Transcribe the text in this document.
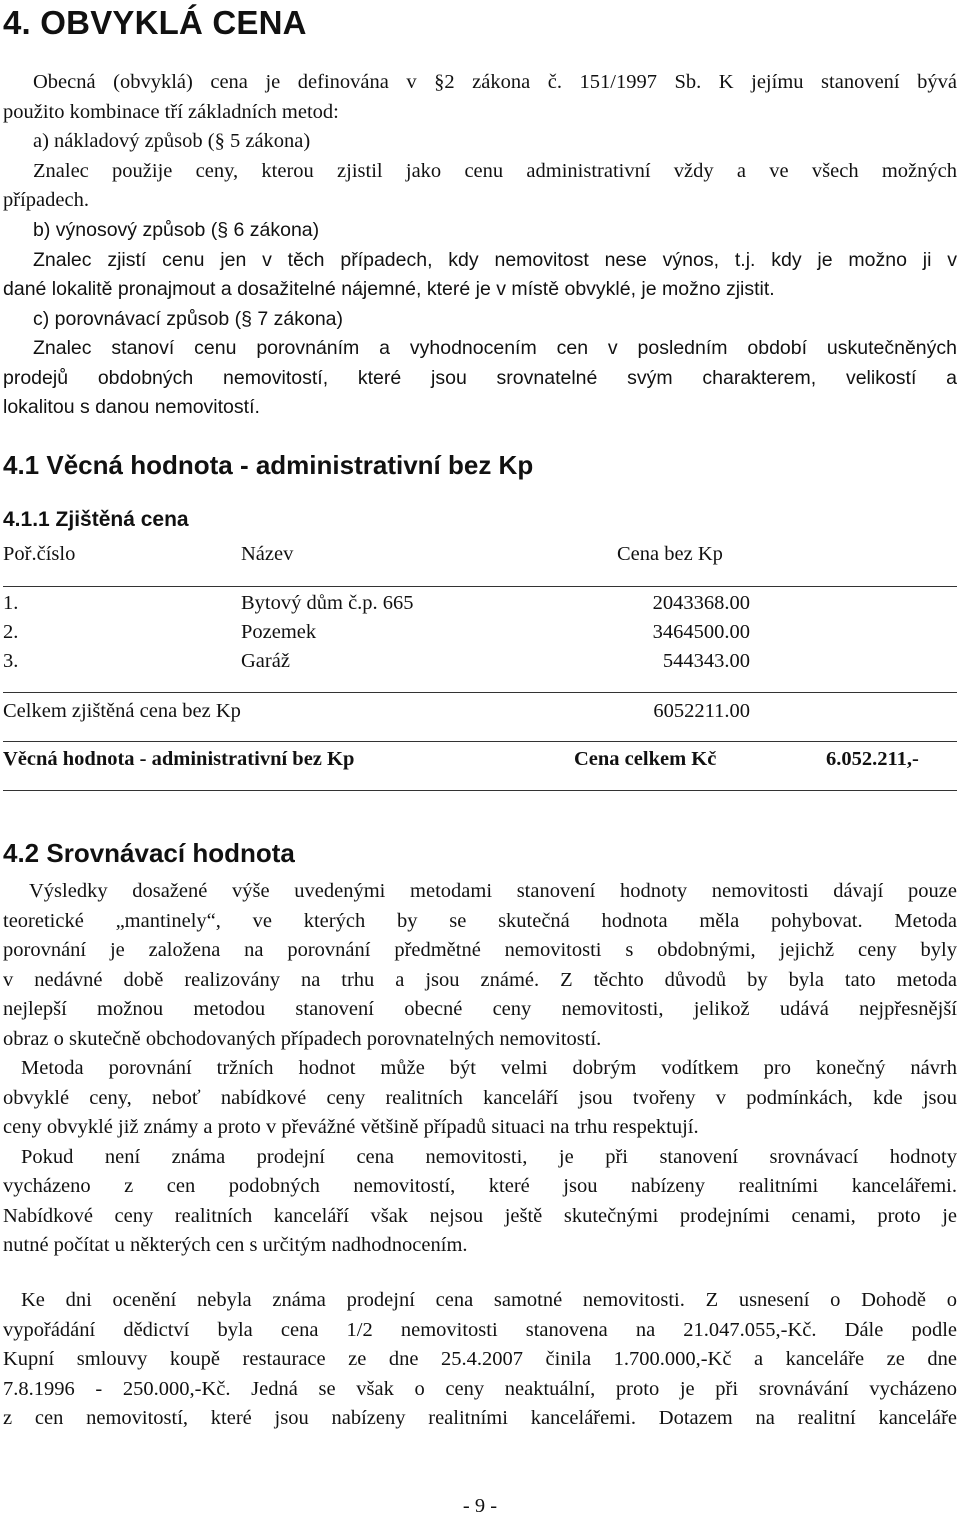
4. OBVYKLÁ CENA
Obecná (obvyklá) cena je definována v §2 zákona č. 151/1997 Sb. K jejímu stanovení bývá
použito kombinace tří základních metod:
a) nákladový způsob (§ 5 zákona)
Znalec použije ceny, kterou zjistil jako cenu administrativní vždy a ve všech možných
případech.
b) výnosový způsob (§ 6 zákona)
Znalec zjistí cenu jen v těch případech, kdy nemovitost nese výnos, t.j. kdy je možno ji v
dané lokalitě pronajmout a dosažitelné nájemné, které je v místě obvyklé, je možno zjistit.
c) porovnávací způsob (§ 7 zákona)
Znalec stanoví cenu porovnáním a vyhodnocením cen v posledním období uskutečněných
prodejů obdobných nemovitostí, které jsou srovnatelné svým charakterem, velikostí a
lokalitou s danou nemovitostí.
4.1 Věcná hodnota - administrativní bez Kp
4.1.1 Zjištěná cena
Poř.číslo	Název	Cena bez Kp
1.	Bytový dům č.p. 665	2043368.00
2.	Pozemek	3464500.00
3.	Garáž	544343.00
Celkem zjištěná cena bez Kp	6052211.00
Věcná hodnota - administrativní bez Kp	Cena celkem Kč	6.052.211,-
4.2 Srovnávací hodnota
Výsledky dosažené výše uvedenými metodami stanovení hodnoty nemovitosti dávají pouze
teoretické „mantinely“, ve kterých by se skutečná hodnota měla pohybovat. Metoda
porovnání je založena na porovnání předmětné nemovitosti s obdobnými, jejichž ceny byly
v nedávné době realizovány na trhu a jsou známé. Z těchto důvodů by byla tato metoda
nejlepší možnou metodou stanovení obecné ceny nemovitosti, jelikož udává nejpřesnější
obraz o skutečně obchodovaných případech porovnatelných nemovitostí.
Metoda porovnání tržních hodnot může být velmi dobrým vodítkem pro konečný návrh
obvyklé ceny, neboť nabídkové ceny realitních kanceláří jsou tvořeny v podmínkách, kde jsou
ceny obvyklé již známy a proto v převážné většině případů situaci na trhu respektují.
Pokud není známa prodejní cena nemovitosti, je při stanovení srovnávací hodnoty
vycházeno z cen podobných nemovitostí, které jsou nabízeny realitními kancelářemi.
Nabídkové ceny realitních kanceláří však nejsou ještě skutečnými prodejními cenami, proto je
nutné počítat u některých cen s určitým nadhodnocením.
Ke dni ocenění nebyla známa prodejní cena samotné nemovitosti. Z usnesení o Dohodě o
vypořádání dědictví byla cena 1/2 nemovitosti stanovena na 21.047.055,-Kč. Dále podle
Kupní smlouvy koupě restaurace ze dne 25.4.2007 činila 1.700.000,-Kč a kanceláře ze dne
7.8.1996 - 250.000,-Kč. Jedná se však o ceny neaktuální, proto je při srovnávání vycházeno
z cen nemovitostí, které jsou nabízeny realitními kancelářemi. Dotazem na realitní kanceláře
- 9 -
